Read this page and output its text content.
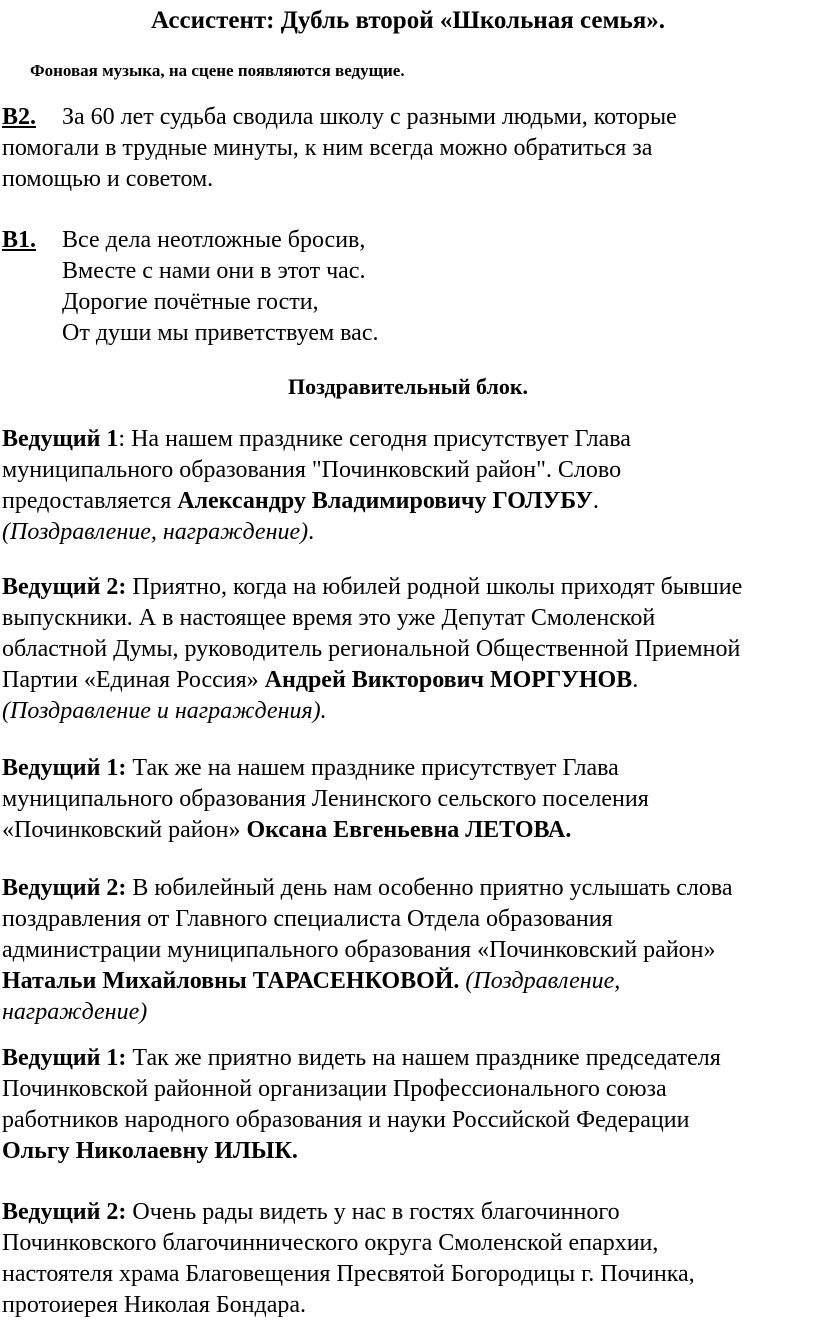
Ассистент: Дубль второй «Школьная семья».
Фоновая музыка, на сцене появляются ведущие.
В2. За 60 лет судьба сводила школу с разными людьми, которые
помогали в трудные минуты, к ним всегда можно обратиться за
помощью и советом.
В1. Все дела неотложные бросив,
Вместе с нами они в этот час.
Дорогие почётные гости,
От души мы приветствуем вас.
Поздравительный блок.
Ведущий 1: На нашем празднике сегодня присутствует Глава
муниципального образования "Починковский район". Слово
предоставляется Александру Владимировичу ГОЛУБУ.
(Поздравление, награждение).
Ведущий 2: Приятно, когда на юбилей родной школы приходят бывшие
выпускники. А в настоящее время это уже Депутат Смоленской
областной Думы, руководитель региональной Общественной Приемной
Партии «Единая Россия» Андрей Викторович МОРГУНОВ.
(Поздравление и награждения).
Ведущий 1: Так же на нашем празднике присутствует Глава
муниципального образования Ленинского сельского поселения
«Починковский район» Оксана Евгеньевна ЛЕТОВА.
Ведущий 2: В юбилейный день нам особенно приятно услышать слова
поздравления от Главного специалиста Отдела образования
администрации муниципального образования «Починковский район»
Натальи Михайловны ТАРАСЕНКОВОЙ. (Поздравление,
награждение)
Ведущий 1: Так же приятно видеть на нашем празднике председателя
Починковской районной организации Профессионального союза
работников народного образования и науки Российской Федерации
Ольгу Николаевну ИЛЫК.
Ведущий 2: Очень рады видеть у нас в гостях благочинного
Починковского благочиннического округа Смоленской епархии,
настоятеля храма Благовещения Пресвятой Богородицы г. Починка,
протоиерея Николая Бондара.
